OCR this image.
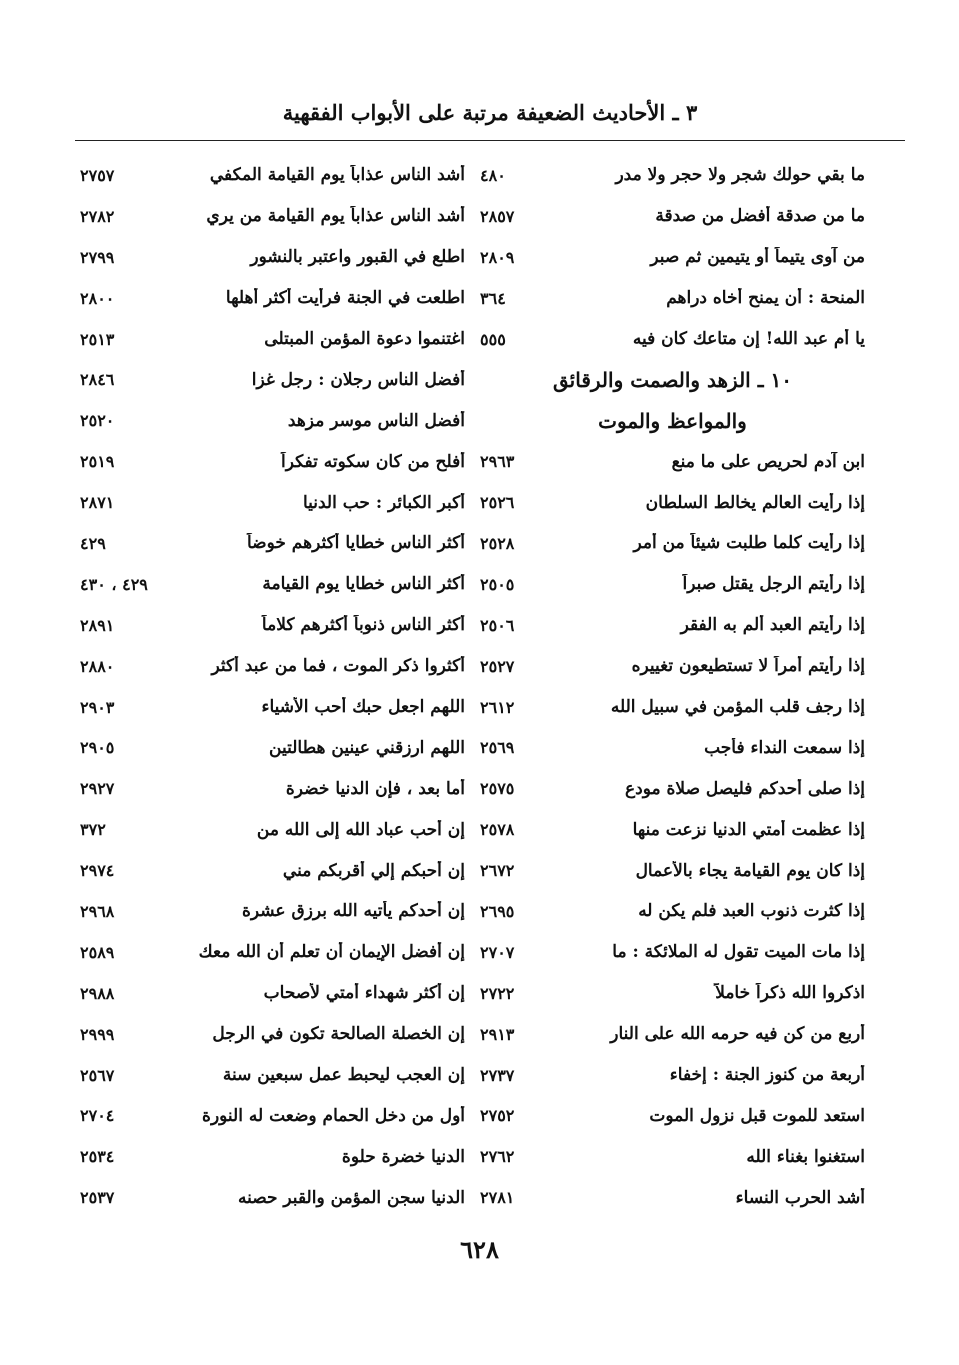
٣ ـ الأحاديث الضعيفة مرتبة على الأبواب الفقهية
ما بقي حولك شجر ولا حجر ولا مدر
٤٨٠
ما من صدقة أفضل من صدقة
٢٨٥٧
من آوى يتيماً أو يتيمين ثم صبر
٢٨٠٩
المنحة : أن يمنح أخاه دراهم
٣٦٤
يا أم عبد الله! إن متاعك كان فيه
٥٥٥
١٠ ـ الزهد والصمت والرقائق
والمواعظ والموت
ابن آدم لحريص على ما منع
٢٩٦٣
إذا رأيت العالم يخالط السلطان
٢٥٢٦
إذا رأيت كلما طلبت شيئاً من أمر
٢٥٢٨
إذا رأيتم الرجل يقتل صبراً
٢٥٠٥
إذا رأيتم العبد ألم به الفقر
٢٥٠٦
إذا رأيتم أمراً لا تستطيعون تغييره
٢٥٢٧
إذا رجف قلب المؤمن في سبيل الله
٢٦١٢
إذا سمعت النداء فأجب
٢٥٦٩
إذا صلى أحدكم فليصل صلاة مودع
٢٥٧٥
إذا عظمت أمتي الدنيا نزعت منها
٢٥٧٨
إذا كان يوم القيامة يجاء بالأعمال
٢٦٧٢
إذا كثرت ذنوب العبد فلم يكن له
٢٦٩٥
إذا مات الميت تقول له الملائكة : ما
٢٧٠٧
اذكروا الله ذكراً خاملاً
٢٧٢٢
أربع من كن فيه حرمه الله على النار
٢٩١٣
أربعة من كنوز الجنة : إخفاء
٢٧٣٧
استعد للموت قبل نزول الموت
٢٧٥٢
استغنوا بغناء الله
٢٧٦٢
أشد الحرب النساء
٢٧٨١
أشد الناس عذاباً يوم القيامة المكفي
٢٧٥٧
أشد الناس عذاباً يوم القيامة من يري
٢٧٨٢
اطلع في القبور واعتبر بالنشور
٢٧٩٩
اطلعت في الجنة فرأيت أكثر أهلها
٢٨٠٠
اغتنموا دعوة المؤمن المبتلى
٢٥١٣
أفضل الناس رجلان : رجل غزا
٢٨٤٦
أفضل الناس موسر مزهد
٢٥٢٠
أفلح من كان سكوته تفكراً
٢٥١٩
أكبر الكبائر : حب الدنيا
٢٨٧١
أكثر الناس خطايا أكثرهم خوضاً
٤٢٩
أكثر الناس خطايا يوم القيامة
٤٢٩ ، ٤٣٠
أكثر الناس ذنوباً أكثرهم كلاماً
٢٨٩١
أكثروا ذكر الموت ، فما من عبد أكثر
٢٨٨٠
اللهم اجعل حبك أحب الأشياء
٢٩٠٣
اللهم ارزقني عينين هطالتين
٢٩٠٥
أما بعد ، فإن الدنيا خضرة
٢٩٢٧
إن أحب عباد الله إلى الله من
٣٧٢
إن أحبكم إلي أقربكم مني
٢٩٧٤
إن أحدكم يأتيه الله برزق عشرة
٢٩٦٨
إن أفضل الإيمان أن تعلم أن الله معك
٢٥٨٩
إن أكثر شهداء أمتي لأصحاب
٢٩٨٨
إن الخصلة الصالحة تكون في الرجل
٢٩٩٩
إن العجب ليحبط عمل سبعين سنة
٢٥٦٧
أول من دخل الحمام وضعت له النورة
٢٧٠٤
الدنيا خضرة حلوة
٢٥٣٤
الدنيا سجن المؤمن والقبر حصنه
٢٥٣٧
٦٢٨
